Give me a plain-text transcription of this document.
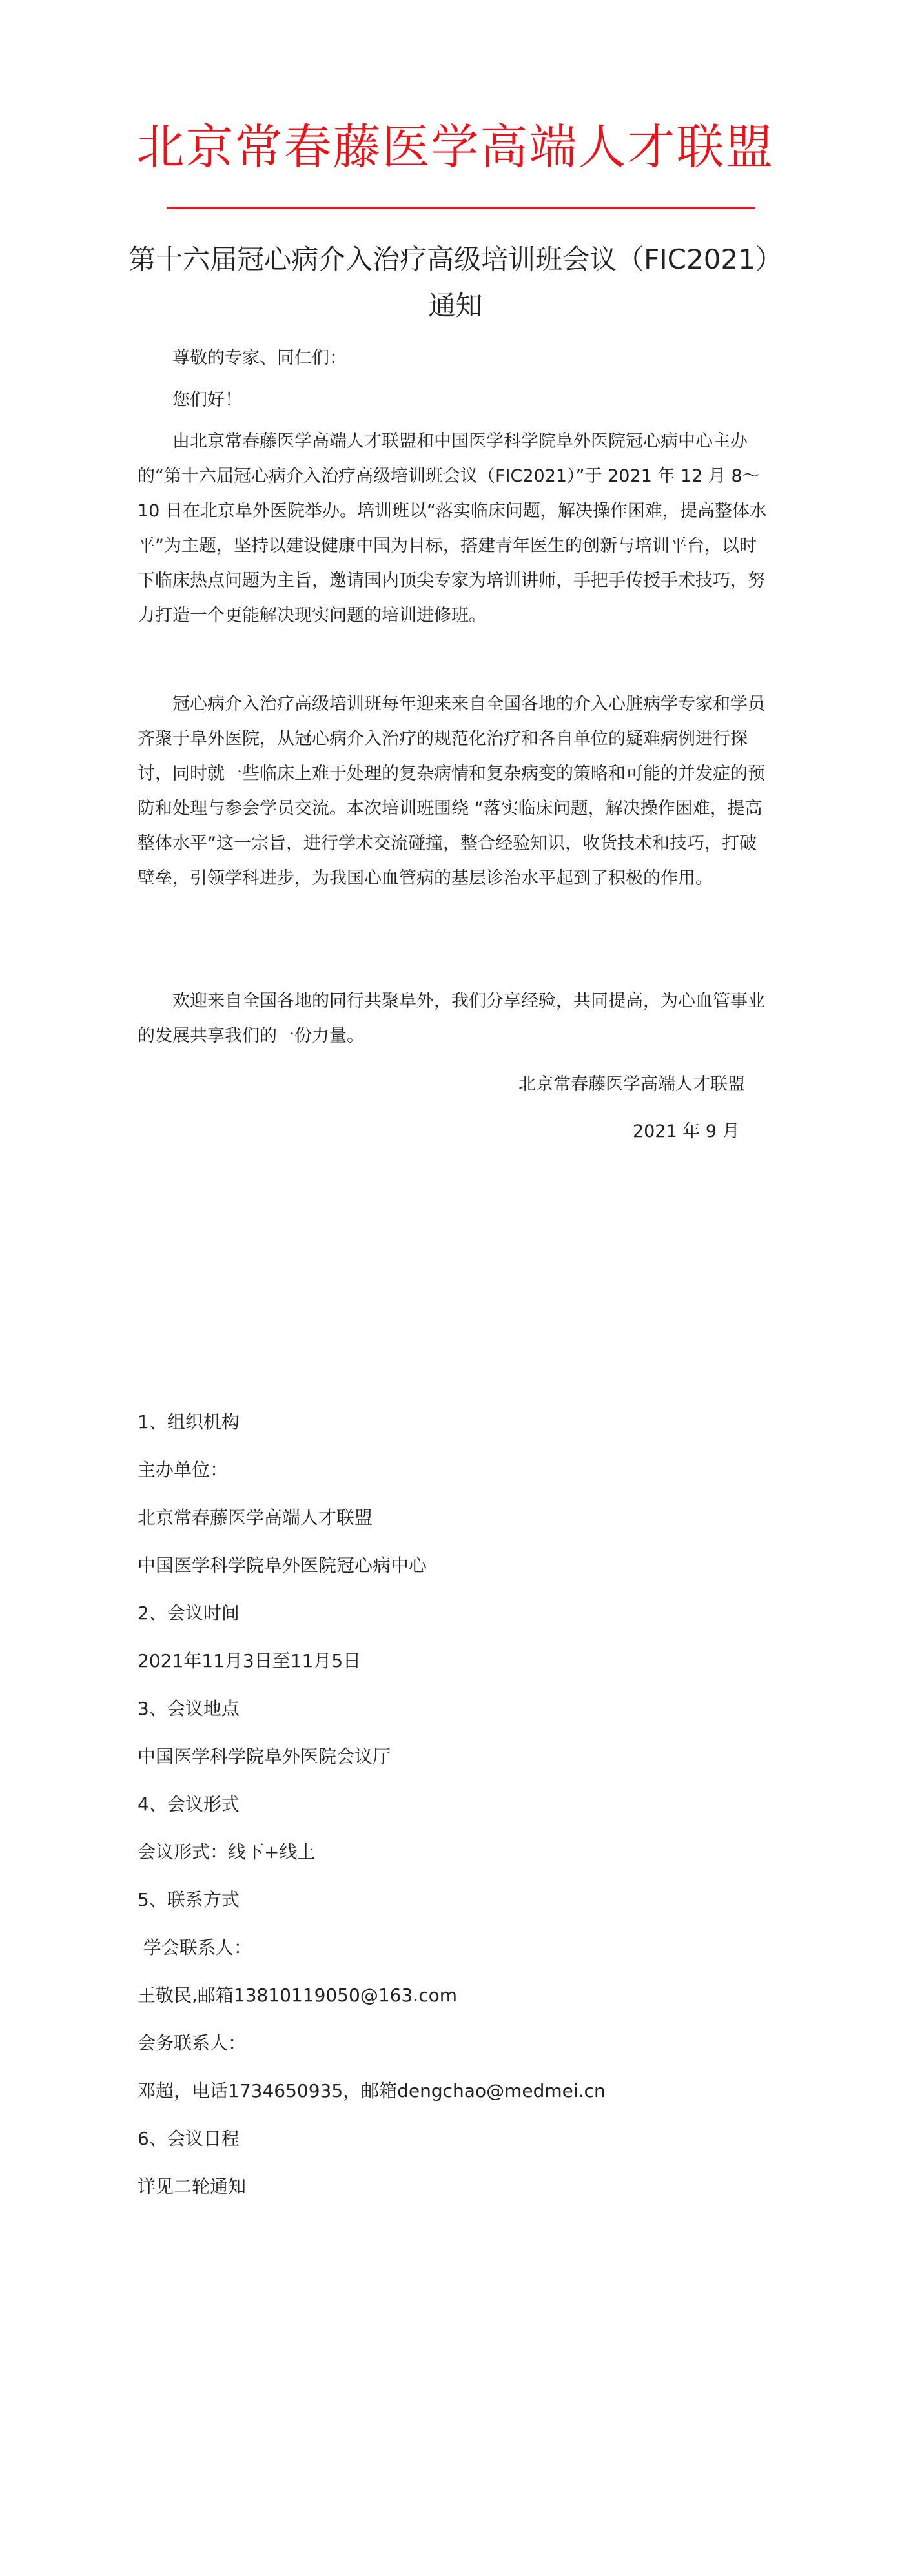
北京常春藤医学高端人才联盟
第十六届冠心病介入治疗高级培训班会议（FIC2021）
通知

尊敬的专家、同仁们：

您们好！

由北京常春藤医学高端人才联盟和中国医学科学院阜外医院冠心病中心主办的“第十六届冠心病介入治疗高级培训班会议（FIC2021）”于 2021 年 12 月 8～10 日在北京阜外医院举办。培训班以“落实临床问题，解决操作困难，提高整体水平”为主题，坚持以建设健康中国为目标，搭建青年医生的创新与培训平台，以时下临床热点问题为主旨，邀请国内顶尖专家为培训讲师，手把手传授手术技巧，努力打造一个更能解决现实问题的培训进修班。

冠心病介入治疗高级培训班每年迎来来自全国各地的介入心脏病学专家和学员齐聚于阜外医院，从冠心病介入治疗的规范化治疗和各自单位的疑难病例进行探讨，同时就一些临床上难于处理的复杂病情和复杂病变的策略和可能的并发症的预防和处理与参会学员交流。本次培训班围绕 “落实临床问题，解决操作困难，提高整体水平”这一宗旨，进行学术交流碰撞，整合经验知识，收货技术和技巧，打破壁垒，引领学科进步，为我国心血管病的基层诊治水平起到了积极的作用。

欢迎来自全国各地的同行共聚阜外，我们分享经验，共同提高，为心血管事业的发展共享我们的一份力量。

北京常春藤医学高端人才联盟

2021 年 9 月

1、组织机构

主办单位：

北京常春藤医学高端人才联盟

中国医学科学院阜外医院冠心病中心

2、会议时间

2021年11月3日至11月5日

3、会议地点

中国医学科学院阜外医院会议厅

4、会议形式

会议形式：线下+线上

5、联系方式

学会联系人：

王敬民,邮箱13810119050@163.com

会务联系人：

邓超，电话1734650935，邮箱dengchao@medmei.cn

6、会议日程

详见二轮通知
